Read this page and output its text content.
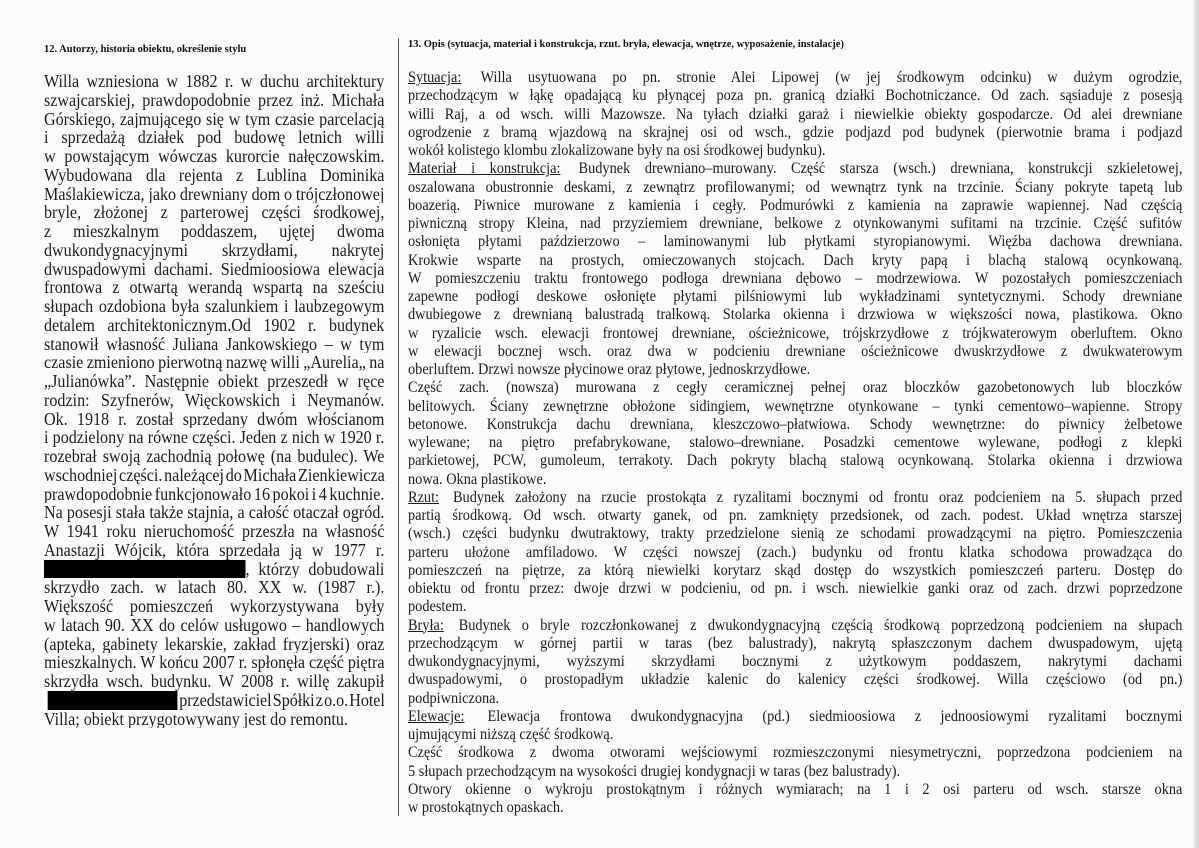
12. Autorzy, historia obiektu, określenie stylu	13. Opis (sytuacja, materiał i konstrukcja, rzut. bryła, elewacja, wnętrze, wyposażenie, instalacje)
Willa wzniesiona w 1882 r. w duchu architektury
szwajcarskiej, prawdopodobnie przez inż. Michała
Górskiego, zajmującego się w tym czasie parcelacją
i sprzedażą działek pod budowę letnich willi
w powstającym wówczas kurorcie nałęczowskim.
Wybudowana dla rejenta z Lublina Dominika
Maślakiewicza, jako drewniany dom o trójczłonowej
bryle, złożonej z parterowej części środkowej,
z mieszkalnym poddaszem, ujętej dwoma
dwukondygnacyjnymi skrzydłami, nakrytej
dwuspadowymi dachami. Siedmioosiowa elewacja
frontowa z otwartą werandą wspartą na sześciu
słupach ozdobiona była szalunkiem i laubzegowym
detalem architektonicznym.Od 1902 r. budynek
stanowił własność Juliana Jankowskiego – w tym
czasie zmieniono pierwotną nazwę willi „Aurelia„ na
„Julianówka”. Następnie obiekt przeszedł w ręce
rodzin: Szyfnerów, Więckowskich i Neymanów.
Ok. 1918 r. został sprzedany dwóm włościanom
i podzielony na równe części. Jeden z nich w 1920 r.
rozebrał swoją zachodnią połowę (na budulec). We
wschodniej części. należącej do Michała Zienkiewicza
prawdopodobnie funkcjonowało 16 pokoi i 4 kuchnie.
Na posesji stała także stajnia, a całość otaczał ogród.
W 1941 roku nieruchomość przeszła na własność
Anastazji Wójcik, która sprzedała ją w 1977 r.
, którzy dobudowali
skrzydło zach. w latach 80. XX w. (1987 r.).
Większość pomieszczeń wykorzystywana były
w latach 90. XX do celów usługowo – handlowych
(apteka, gabinety lekarskie, zakład fryzjerski) oraz
mieszkalnych. W końcu 2007 r. spłonęła część piętra
skrzydła wsch. budynku. W 2008 r. willę zakupił
przedstawiciel Spółki z o.o. Hotel
Villa; obiekt przygotowywany jest do remontu.
Sytuacja: Willa usytuowana po pn. stronie Alei Lipowej (w jej środkowym odcinku) w dużym ogrodzie,
przechodzącym w łąkę opadającą ku płynącej poza pn. granicą działki Bochotniczance. Od zach. sąsiaduje z posesją
willi Raj, a od wsch. willi Mazowsze. Na tyłach działki garaż i niewielkie obiekty gospodarcze. Od alei drewniane
ogrodzenie z bramą wjazdową na skrajnej osi od wsch., gdzie podjazd pod budynek (pierwotnie brama i podjazd
wokół kolistego klombu zlokalizowane były na osi środkowej budynku).
Materiał i konstrukcja: Budynek drewniano–murowany. Część starsza (wsch.) drewniana, konstrukcji szkieletowej,
oszalowana obustronnie deskami, z zewnątrz profilowanymi; od wewnątrz tynk na trzcinie. Ściany pokryte tapetą lub
boazerią. Piwnice murowane z kamienia i cegły. Podmurówki z kamienia na zaprawie wapiennej. Nad częścią
piwniczną stropy Kleina, nad przyziemiem drewniane, belkowe z otynkowanymi sufitami na trzcinie. Część sufitów
osłonięta płytami paździerzowo – laminowanymi lub płytkami styropianowymi. Więźba dachowa drewniana.
Krokwie wsparte na prostych, omieczowanych stojcach. Dach kryty papą i blachą stalową ocynkowaną.
W pomieszczeniu traktu frontowego podłoga drewniana dębowo – modrzewiowa. W pozostałych pomieszczeniach
zapewne podłogi deskowe osłonięte płytami pilśniowymi lub wykładzinami syntetycznymi. Schody drewniane
dwubiegowe z drewnianą balustradą tralkową. Stolarka okienna i drzwiowa w większości nowa, plastikowa. Okno
w ryzalicie wsch. elewacji frontowej drewniane, ościeżnicowe, trójskrzydłowe z trójkwaterowym oberluftem. Okno
w elewacji bocznej wsch. oraz dwa w podcieniu drewniane ościeżnicowe dwuskrzydłowe z dwukwaterowym
oberluftem. Drzwi nowsze płycinowe oraz płytowe, jednoskrzydłowe.
Część zach. (nowsza) murowana z cegły ceramicznej pełnej oraz bloczków gazobetonowych lub bloczków
belitowych. Ściany zewnętrzne obłożone sidingiem, wewnętrzne otynkowane – tynki cementowo–wapienne. Stropy
betonowe. Konstrukcja dachu drewniana, kleszczowo–płatwiowa. Schody wewnętrzne: do piwnicy żelbetowe
wylewane; na piętro prefabrykowane, stalowo–drewniane. Posadzki cementowe wylewane, podłogi z klepki
parkietowej, PCW, gumoleum, terrakoty. Dach pokryty blachą stalową ocynkowaną. Stolarka okienna i drzwiowa
nowa. Okna plastikowe.
Rzut: Budynek założony na rzucie prostokąta z ryzalitami bocznymi od frontu oraz podcieniem na 5. słupach przed
partią środkową. Od wsch. otwarty ganek, od pn. zamknięty przedsionek, od zach. podest. Układ wnętrza starszej
(wsch.) części budynku dwutraktowy, trakty przedzielone sienią ze schodami prowadzącymi na piętro. Pomieszczenia
parteru ułożone amfiladowo. W części nowszej (zach.) budynku od frontu klatka schodowa prowadząca do
pomieszczeń na piętrze, za którą niewielki korytarz skąd dostęp do wszystkich pomieszczeń parteru. Dostęp do
obiektu od frontu przez: dwoje drzwi w podcieniu, od pn. i wsch. niewielkie ganki oraz od zach. drzwi poprzedzone
podestem.
Bryła: Budynek o bryle rozczłonkowanej z dwukondygnacyjną częścią środkową poprzedzoną podcieniem na słupach
przechodzącym w górnej partii w taras (bez balustrady), nakrytą spłaszczonym dachem dwuspadowym, ujętą
dwukondygnacyjnymi, wyższymi skrzydłami bocznymi z użytkowym poddaszem, nakrytymi dachami
dwuspadowymi, o prostopadłym układzie kalenic do kalenicy części środkowej. Willa częściowo (od pn.)
podpiwniczona.
Elewacje: Elewacja frontowa dwukondygnacyjna (pd.) siedmioosiowa z jednoosiowymi ryzalitami bocznymi
ujmującymi niższą część środkową.
Część środkowa z dwoma otworami wejściowymi rozmieszczonymi niesymetryczni, poprzedzona podcieniem na
5 słupach przechodzącym na wysokości drugiej kondygnacji w taras (bez balustrady).
Otwory okienne o wykroju prostokątnym i różnych wymiarach; na 1 i 2 osi parteru od wsch. starsze okna
w prostokątnych opaskach.
